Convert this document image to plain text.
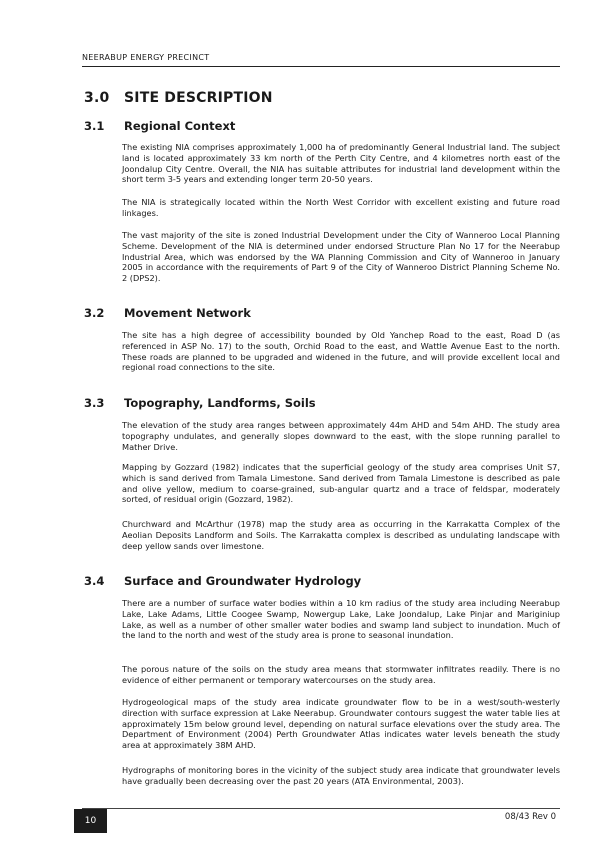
NEERABUP ENERGY PRECINCT
3.0 SITE DESCRIPTION
3.1 Regional Context

The existing NIA comprises approximately 1,000 ha of predominantly General Industrial land. The subject land is located approximately 33 km north of the Perth City Centre, and 4 kilometres north east of the Joondalup City Centre. Overall, the NIA has suitable attributes for industrial land development within the short term 3-5 years and extending longer term 20-50 years.

The NIA is strategically located within the North West Corridor with excellent existing and future road linkages.

The vast majority of the site is zoned Industrial Development under the City of Wanneroo Local Planning Scheme. Development of the NIA is determined under endorsed Structure Plan No 17 for the Neerabup Industrial Area, which was endorsed by the WA Planning Commission and City of Wanneroo in January 2005 in accordance with the requirements of Part 9 of the City of Wanneroo District Planning Scheme No. 2 (DPS2).

3.2 Movement Network

The site has a high degree of accessibility bounded by Old Yanchep Road to the east, Road D (as referenced in ASP No. 17) to the south, Orchid Road to the east, and Wattle Avenue East to the north. These roads are planned to be upgraded and widened in the future, and will provide excellent local and regional road connections to the site.

3.3 Topography, Landforms, Soils

The elevation of the study area ranges between approximately 44m AHD and 54m AHD. The study area topography undulates, and generally slopes downward to the east, with the slope running parallel to Mather Drive.

Mapping by Gozzard (1982) indicates that the superficial geology of the study area comprises Unit S7, which is sand derived from Tamala Limestone. Sand derived from Tamala Limestone is described as pale and olive yellow, medium to coarse-grained, sub-angular quartz and a trace of feldspar, moderately sorted, of residual origin (Gozzard, 1982).

Churchward and McArthur (1978) map the study area as occurring in the Karrakatta Complex of the Aeolian Deposits Landform and Soils. The Karrakatta complex is described as undulating landscape with deep yellow sands over limestone.

3.4 Surface and Groundwater Hydrology

There are a number of surface water bodies within a 10 km radius of the study area including Neerabup Lake, Lake Adams, Little Coogee Swamp, Nowergup Lake, Lake Joondalup, Lake Pinjar and Mariginiup Lake, as well as a number of other smaller water bodies and swamp land subject to inundation. Much of the land to the north and west of the study area is prone to seasonal inundation.

The porous nature of the soils on the study area means that stormwater infiltrates readily. There is no evidence of either permanent or temporary watercourses on the study area.

Hydrogeological maps of the study area indicate groundwater flow to be in a west/south-westerly direction with surface expression at Lake Neerabup. Groundwater contours suggest the water table lies at approximately 15m below ground level, depending on natural surface elevations over the study area. The Department of Environment (2004) Perth Groundwater Atlas indicates water levels beneath the study area at approximately 38M AHD.

Hydrographs of monitoring bores in the vicinity of the subject study area indicate that groundwater levels have gradually been decreasing over the past 20 years (ATA Environmental, 2003).

10	08/43 Rev 0
